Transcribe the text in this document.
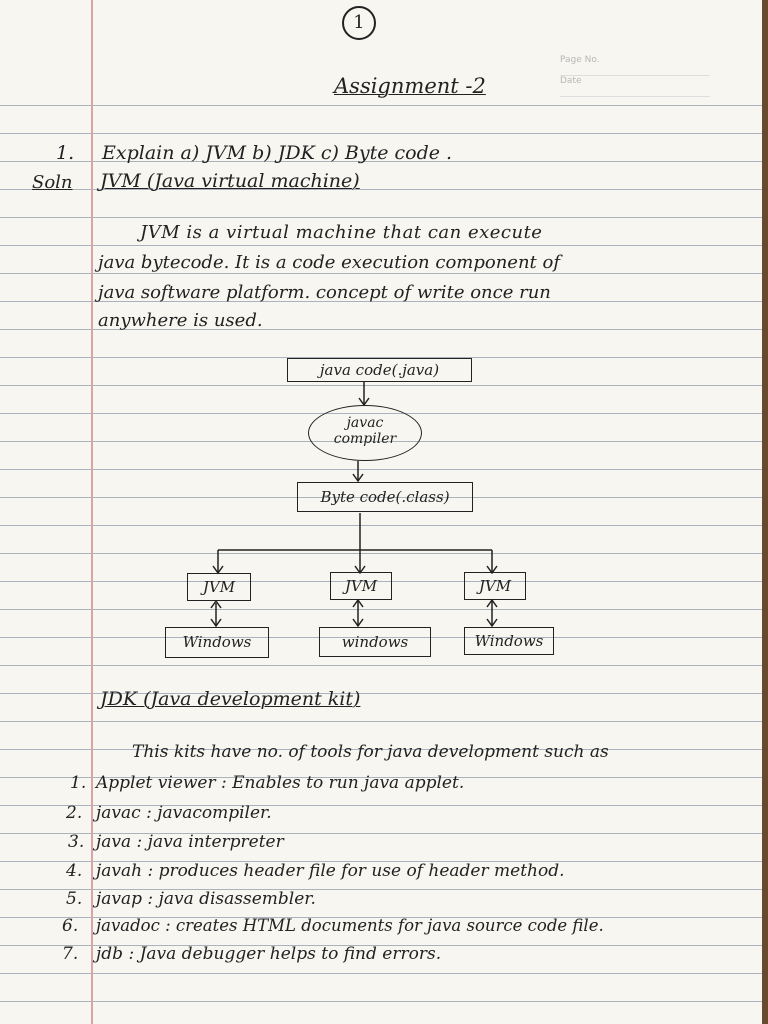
1
Page No.
Date
Assignment -2
1. Explain a) JVM b) JDK c) Byte code .
Soln JVM (Java virtual machine)
JVM is a virtual machine that can execute
java bytecode. It is a code execution component of
java software platform. concept of write once run
anywhere is used.
java code(.java)
javac
compiler
Byte code(.class)
JVM	JVM	JVM
Windows	windows	Windows
JDK (Java development kit)
This kits have no. of tools for java development such as
1. Applet viewer : Enables to run java applet.
2. javac : javacompiler.
3. java : java interpreter
4. javah : produces header file for use of header method.
5. javap : java disassembler.
6. javadoc : creates HTML documents for java source code file.
7. jdb : Java debugger helps to find errors.
